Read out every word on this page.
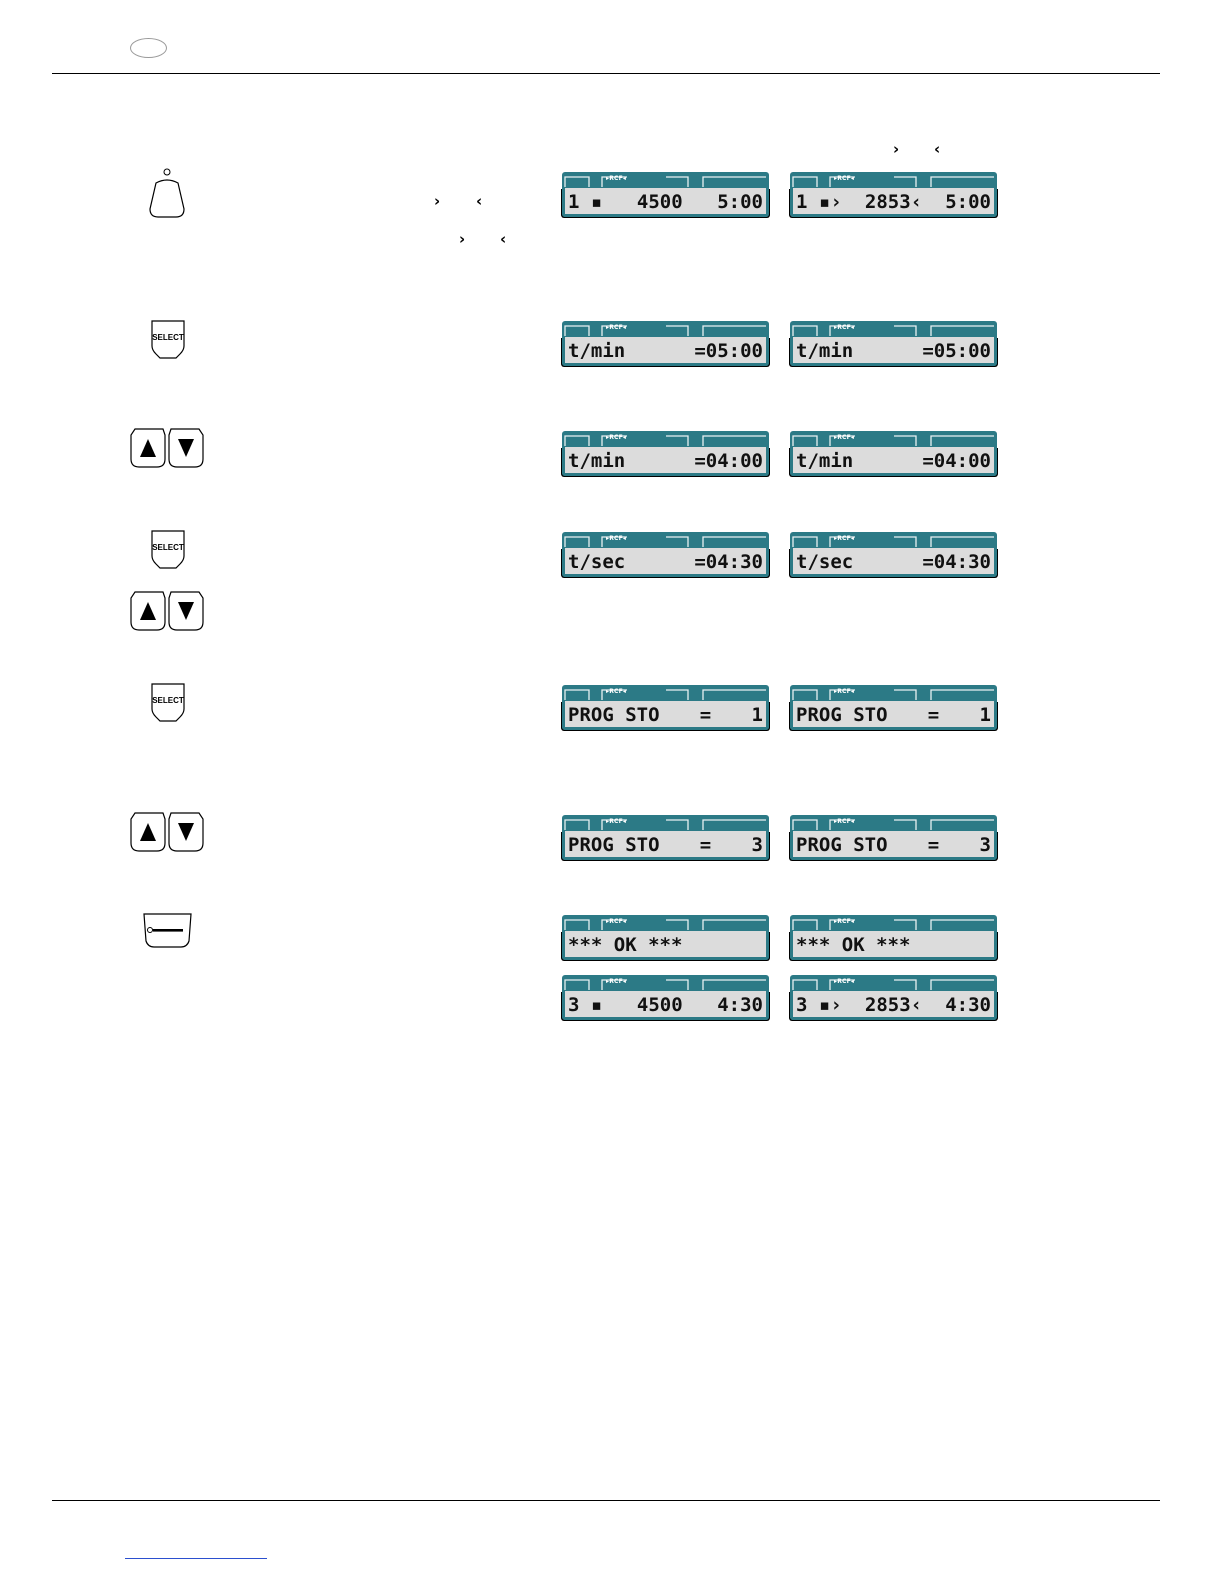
› ‹
› ‹
› ‹
SELECT
SELECT
SELECT
▸RCF◂
1 ▪ 4500 5:00
▸RCF◂
1 ▪› 2853‹ 5:00
▸RCF◂
t/min	=05:00
▸RCF◂
t/min	=05:00
▸RCF◂
t/min	=04:00
▸RCF◂
t/min	=04:00
▸RCF◂
t/sec	=04:30
▸RCF◂
t/sec	=04:30
▸RCF◂
PROG STO = 1
▸RCF◂
PROG STO = 1
▸RCF◂
PROG STO = 3
▸RCF◂
PROG STO = 3
▸RCF◂
*** OK ***
▸RCF◂
*** OK ***
▸RCF◂
3 ▪ 4500 4:30
▸RCF◂
3 ▪› 2853‹ 4:30
